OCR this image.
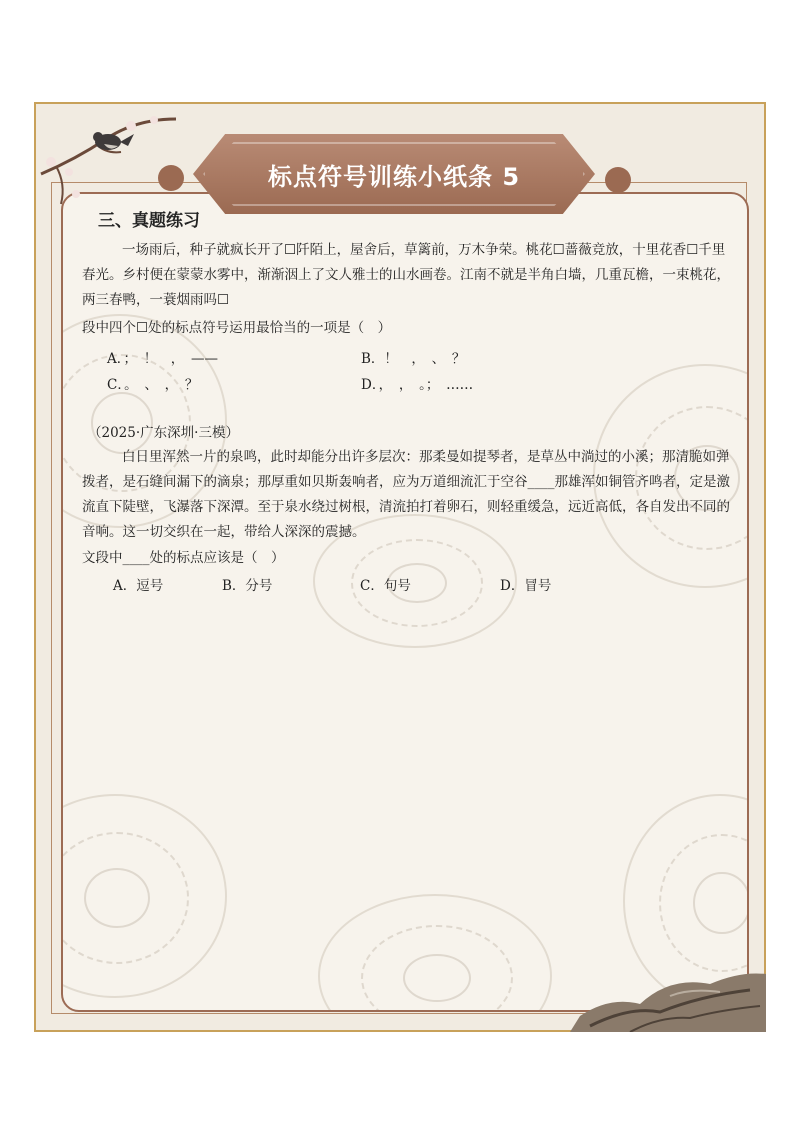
标点符号训练小纸条 5
三、真题练习
一场雨后，种子就疯长开了☐阡陌上，屋舍后，草篱前，万木争荣。桃花☐蔷薇竞放，十里花香☐千里春光。乡村便在蒙蒙水雾中，渐渐洇上了文人雅士的山水画卷。江南不就是半角白墙，几重瓦檐，一束桃花，两三春鸭，一蓑烟雨吗☐
段中四个☐处的标点符号运用最恰当的一项是（　）
A．；　！　，　——	B．！　，　、　？
C．。　、　，　？	D．，　，　。；　……
（2025·广东深圳·三模）
白日里浑然一片的泉鸣，此时却能分出许多层次：那柔曼如提琴者，是草丛中淌过的小溪；那清脆如弹拨者，是石缝间漏下的滴泉；那厚重如贝斯轰响者，应为万道细流汇于空谷____那雄浑如铜管齐鸣者，定是激流直下陡壁，飞瀑落下深潭。至于泉水绕过树根，清流拍打着卵石，则轻重缓急，远近高低，各自发出不同的音响。这一切交织在一起，带给人深深的震撼。
文段中____处的标点应该是（　）
A．逗号	B．分号	C．句号	D．冒号
